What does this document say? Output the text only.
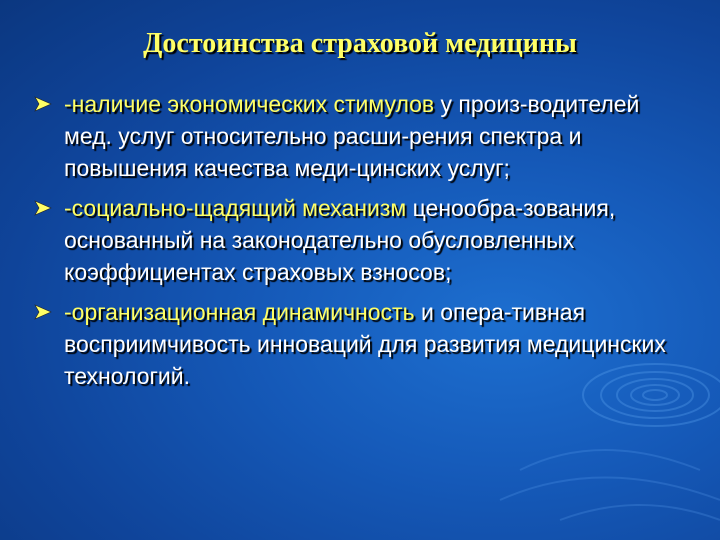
Достоинства страховой медицины
-наличие экономических стимулов у произ-водителей мед. услуг относительно расши-рения спектра и повышения качества меди-цинских услуг;
-социально-щадящий механизм ценообра-зования, основанный на законодательно обусловленных коэффициентах страховых взносов;
-организационная динамичность и опера-тивная восприимчивость инноваций для развития медицинских технологий.
